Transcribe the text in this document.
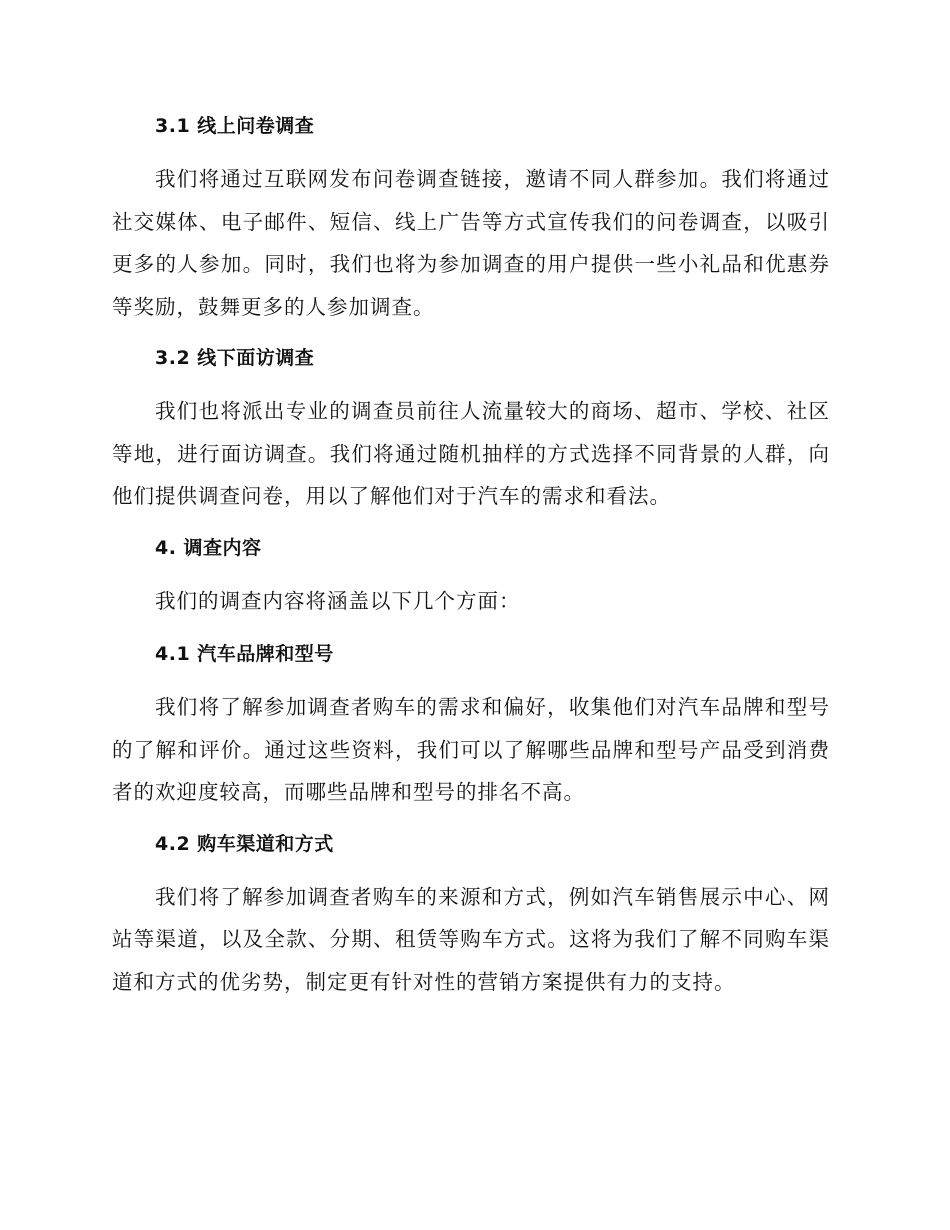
3.1 线上问卷调查

我们将通过互联网发布问卷调查链接，邀请不同人群参加。我们将通过社交媒体、电子邮件、短信、线上广告等方式宣传我们的问卷调查，以吸引更多的人参加。同时，我们也将为参加调查的用户提供一些小礼品和优惠券等奖励，鼓舞更多的人参加调查。

3.2 线下面访调查

我们也将派出专业的调查员前往人流量较大的商场、超市、学校、社区等地，进行面访调查。我们将通过随机抽样的方式选择不同背景的人群，向他们提供调查问卷，用以了解他们对于汽车的需求和看法。

4. 调查内容

我们的调查内容将涵盖以下几个方面：

4.1 汽车品牌和型号

我们将了解参加调查者购车的需求和偏好，收集他们对汽车品牌和型号的了解和评价。通过这些资料，我们可以了解哪些品牌和型号产品受到消费者的欢迎度较高，而哪些品牌和型号的排名不高。

4.2 购车渠道和方式

我们将了解参加调查者购车的来源和方式，例如汽车销售展示中心、网站等渠道，以及全款、分期、租赁等购车方式。这将为我们了解不同购车渠道和方式的优劣势，制定更有针对性的营销方案提供有力的支持。
